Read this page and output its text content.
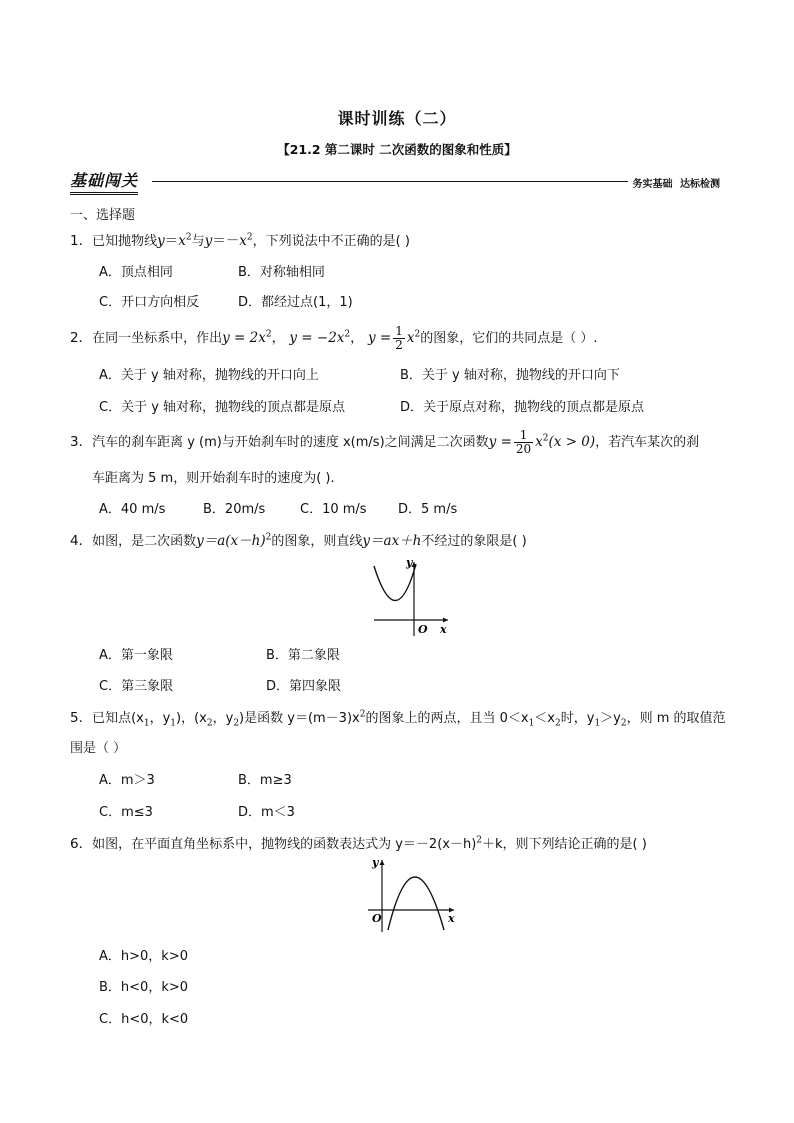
课时训练（二）
【21.2 第二课时 二次函数的图象和性质】
基础闯关	务实基础 达标检测
一、选择题
1．已知抛物线$y=x^2$与$y=-x^2$，下列说法中不正确的是( )
A．顶点相同	B．对称轴相同
C．开口方向相反	D．都经过点(1，1)
2．在同一坐标系中，作出$y = 2x^2$， $y = -2x^2$， $y = \frac{1}{2} x^2$的图象，它们的共同点是（ ）.
A．关于 y 轴对称，抛物线的开口向上	B．关于 y 轴对称，抛物线的开口向下
C．关于 y 轴对称，抛物线的顶点都是原点	D．关于原点对称，抛物线的顶点都是原点
3．汽车的刹车距离 y (m)与开始刹车时的速度 x(m/s)之间满足二次函数$y = \frac{1}{20} x^2(x > 0)$，若汽车某次的刹
车距离为 5 m，则开始刹车时的速度为( ).
A．40 m/s	B．20m/s	C．10 m/s D．5 m/s
4．如图，是二次函数$y=a(x-h)^2$的图象，则直线y＝ax＋h不经过的象限是( )
y
x
O
A．第一象限	B．第二象限
C．第三象限	D．第四象限
5．已知点($x_1$，$y_1$)，($x_2$，$y_2$)是函数 $y=(m-3)x^2$的图象上的两点，且当 $0<x_1<x_2$时，$y_1>y_2$，则 m 的取值范
围是（ ）
A．m＞3	B．m≥3
C．m≤3	D．m＜3
6．如图，在平面直角坐标系中，抛物线的函数表达式为 $y=-2(x-h)^2+k$，则下列结论正确的是( )
y
x
O
A．h>0，k>0
B．h<0，k>0
C．h<0，k<0
